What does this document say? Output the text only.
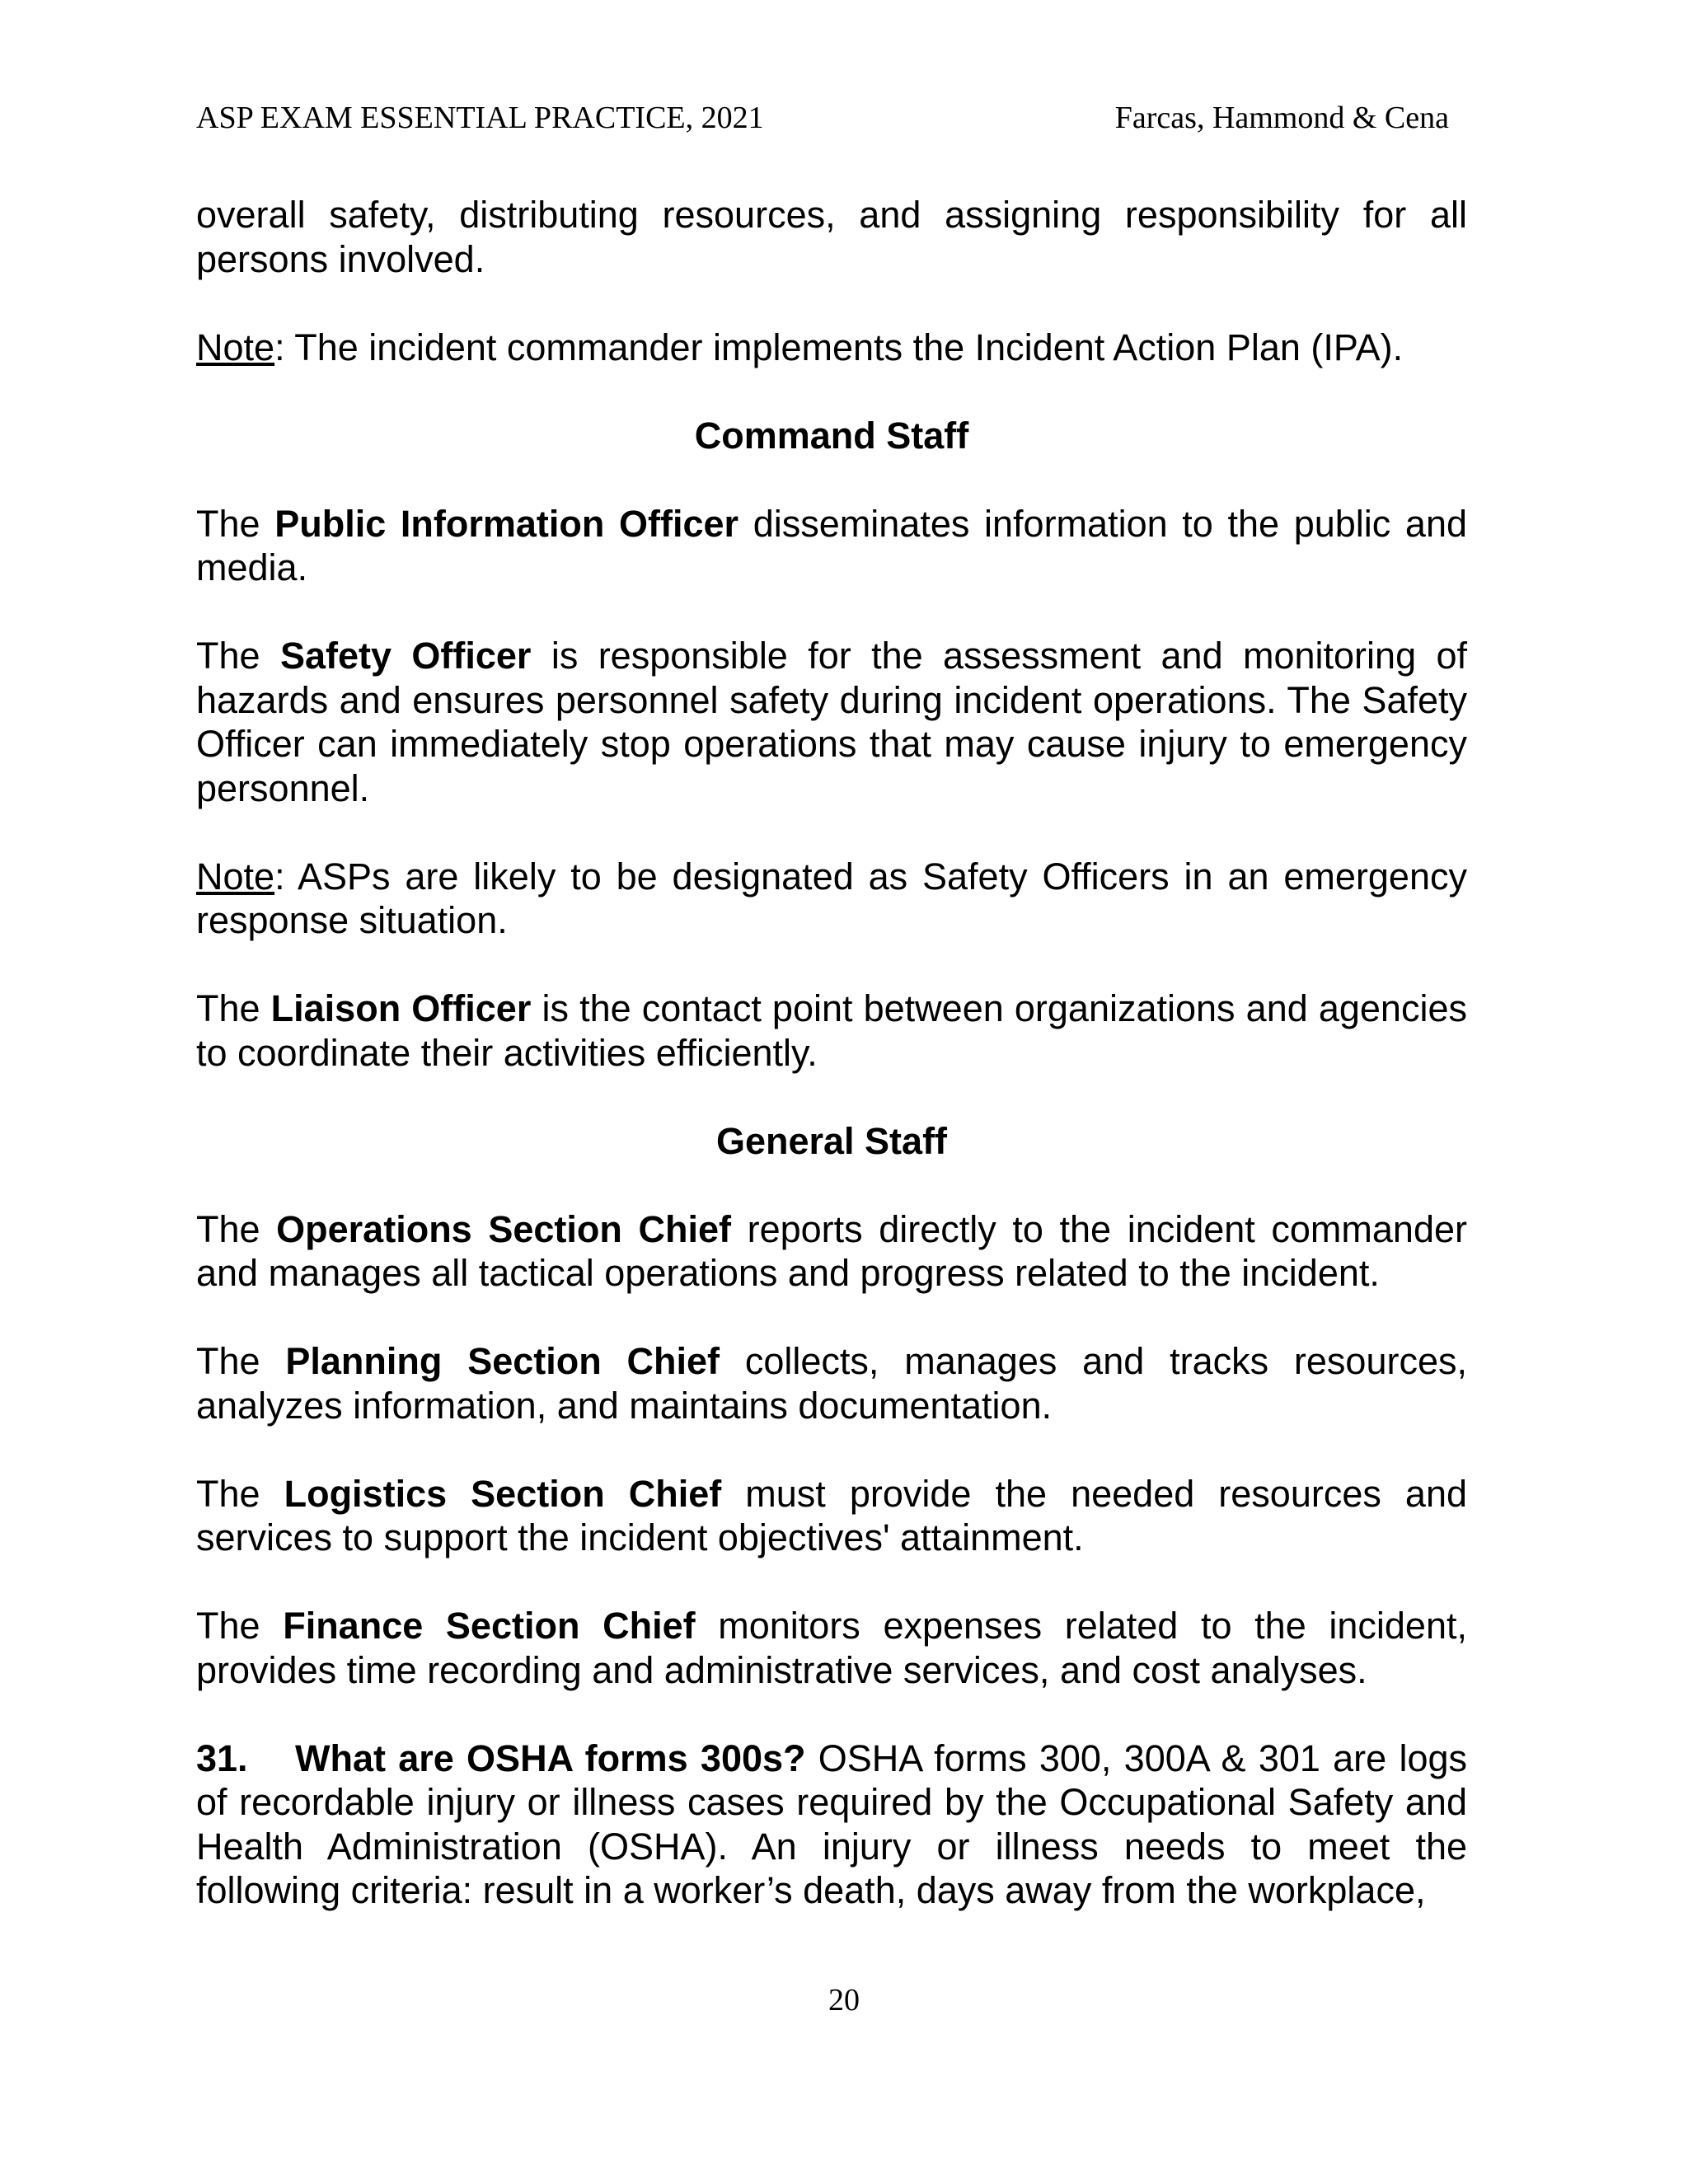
ASP EXAM ESSENTIAL PRACTICE, 2021	Farcas, Hammond & Cena

overall safety, distributing resources, and assigning responsibility for all persons involved.

Note: The incident commander implements the Incident Action Plan (IPA).

Command Staff

The Public Information Officer disseminates information to the public and media.

The Safety Officer is responsible for the assessment and monitoring of hazards and ensures personnel safety during incident operations. The Safety Officer can immediately stop operations that may cause injury to emergency personnel.

Note: ASPs are likely to be designated as Safety Officers in an emergency response situation.

The Liaison Officer is the contact point between organizations and agencies to coordinate their activities efficiently.

General Staff

The Operations Section Chief reports directly to the incident commander and manages all tactical operations and progress related to the incident.

The Planning Section Chief collects, manages and tracks resources, analyzes information, and maintains documentation.

The Logistics Section Chief must provide the needed resources and services to support the incident objectives' attainment.

The Finance Section Chief monitors expenses related to the incident, provides time recording and administrative services, and cost analyses.

31. What are OSHA forms 300s? OSHA forms 300, 300A & 301 are logs of recordable injury or illness cases required by the Occupational Safety and Health Administration (OSHA). An injury or illness needs to meet the following criteria: result in a worker’s death, days away from the workplace,

20
